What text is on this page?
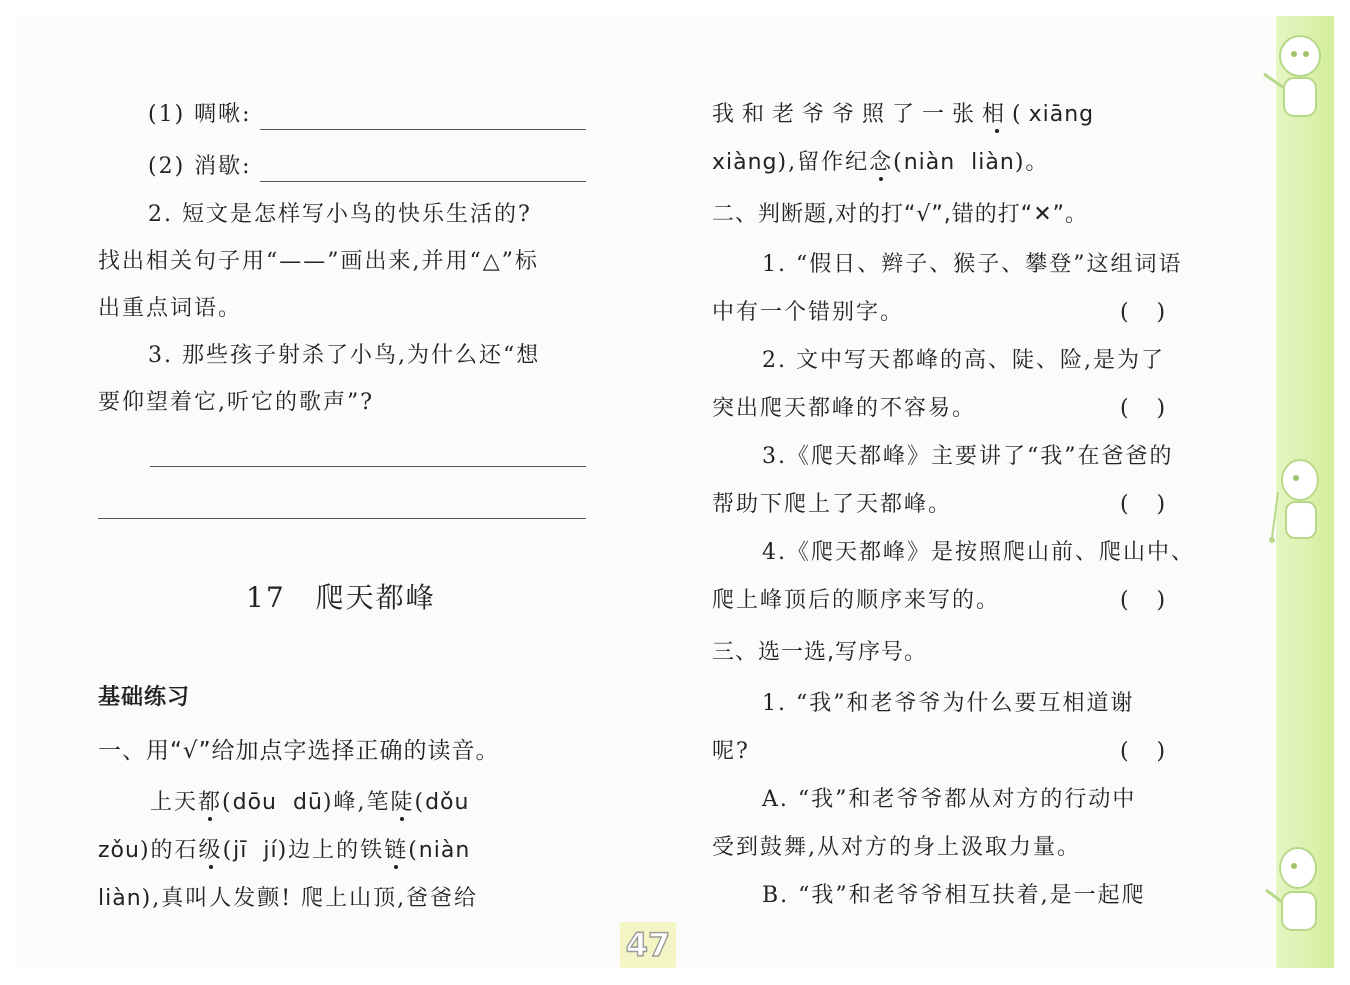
(1) 啁啾:
(2) 消歇:
2. 短文是怎样写小鸟的快乐生活的?
找出相关句子用“——”画出来,并用“△”标
出重点词语。
3. 那些孩子射杀了小鸟,为什么还“想
要仰望着它,听它的歌声”?
17 爬天都峰
基础练习
一、用“√”给加点字选择正确的读音。
上天都(dōu  dū)峰,笔陡(dǒu
zǒu)的石级(jī  jí)边上的铁链(niàn
liàn),真叫人发颤! 爬上山顶,爸爸给
我和老爷爷照了一张相(xiāng
xiàng),留作纪念(niàn  liàn)。
二、判断题,对的打“√”,错的打“✕”。
1. “假日、辫子、猴子、攀登”这组词语
中有一个错别字。	(    )
2. 文中写天都峰的高、陡、险,是为了
突出爬天都峰的不容易。	(    )
3.《爬天都峰》主要讲了“我”在爸爸的
帮助下爬上了天都峰。	(    )
4.《爬天都峰》是按照爬山前、爬山中、
爬上峰顶后的顺序来写的。	(    )
三、选一选,写序号。
1. “我”和老爷爷为什么要互相道谢
呢?	(    )
A. “我”和老爷爷都从对方的行动中
受到鼓舞,从对方的身上汲取力量。
B. “我”和老爷爷相互扶着,是一起爬
47
